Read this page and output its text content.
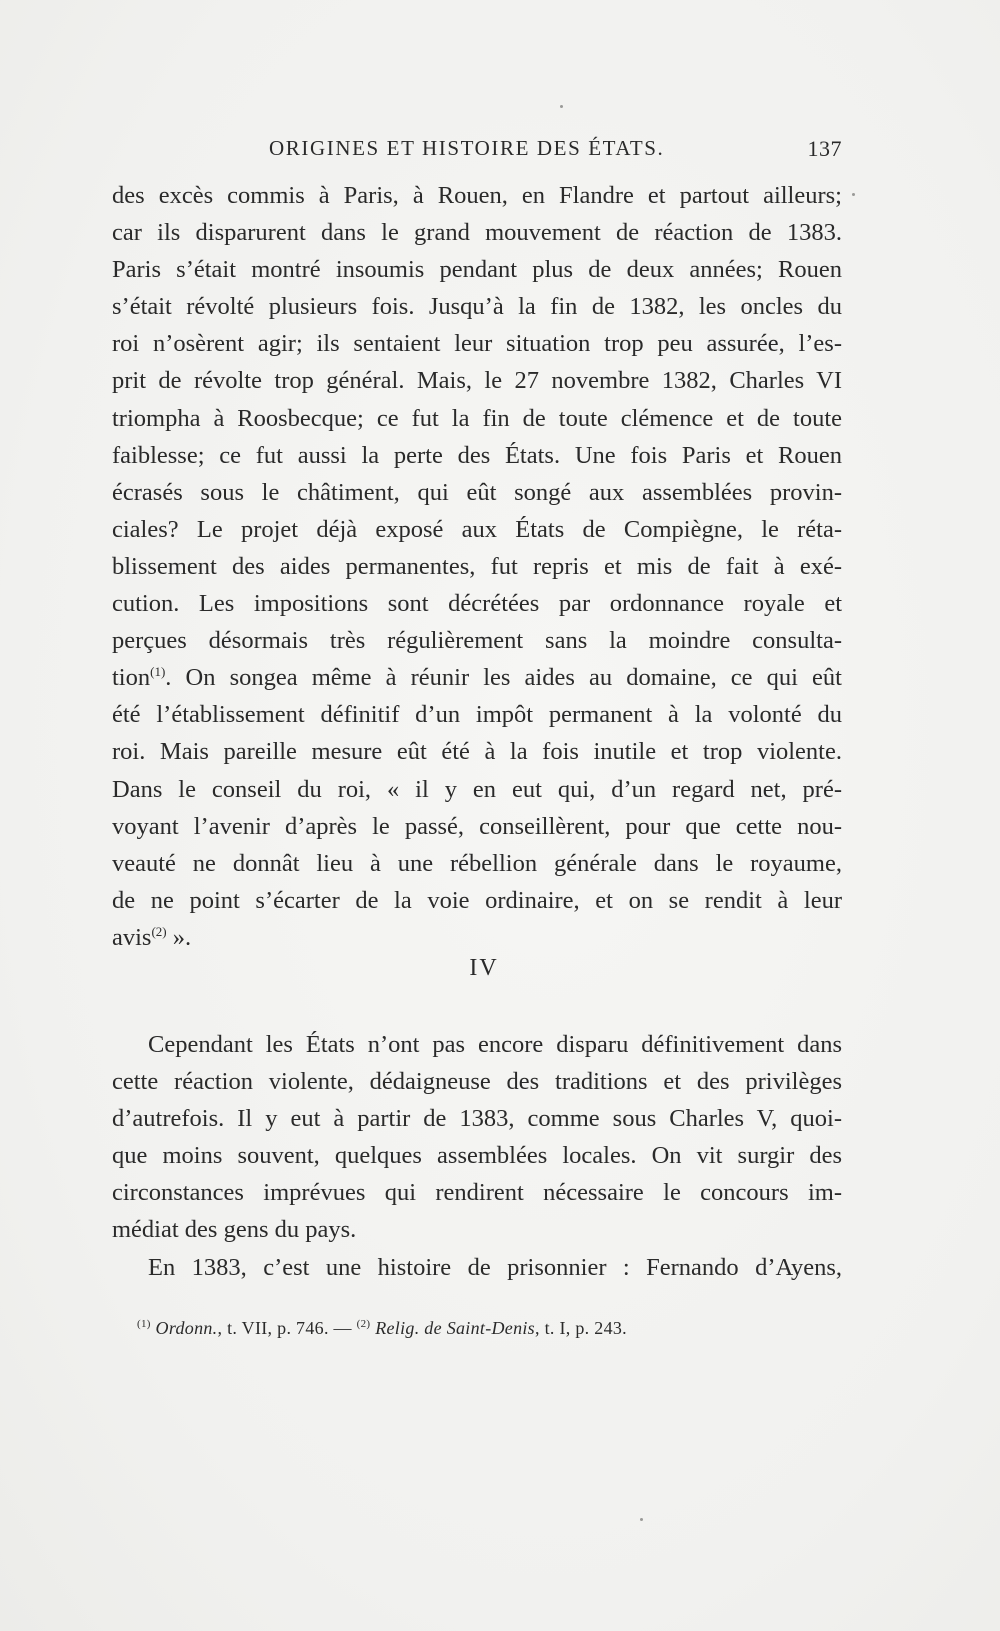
ORIGINES ET HISTOIRE DES ÉTATS.	137
des excès commis à Paris, à Rouen, en Flandre et partout ailleurs;
car ils disparurent dans le grand mouvement de réaction de 1383.
Paris s’était montré insoumis pendant plus de deux années; Rouen
s’était révolté plusieurs fois. Jusqu’à la fin de 1382, les oncles du
roi n’osèrent agir; ils sentaient leur situation trop peu assurée, l’es-
prit de révolte trop général. Mais, le 27 novembre 1382, Charles VI
triompha à Roosbecque; ce fut la fin de toute clémence et de toute
faiblesse; ce fut aussi la perte des États. Une fois Paris et Rouen
écrasés sous le châtiment, qui eût songé aux assemblées provin-
ciales? Le projet déjà exposé aux États de Compiègne, le réta-
blissement des aides permanentes, fut repris et mis de fait à exé-
cution. Les impositions sont décrétées par ordonnance royale et
perçues désormais très régulièrement sans la moindre consulta-
tion$^{(1)}$. On songea même à réunir les aides au domaine, ce qui eût
été l’établissement définitif d’un impôt permanent à la volonté du
roi. Mais pareille mesure eût été à la fois inutile et trop violente.
Dans le conseil du roi, « il y en eut qui, d’un regard net, pré-
voyant l’avenir d’après le passé, conseillèrent, pour que cette nou-
veauté ne donnât lieu à une rébellion générale dans le royaume,
de ne point s’écarter de la voie ordinaire, et on se rendit à leur
avis$^{(2)}$ ».
IV
Cependant les États n’ont pas encore disparu définitivement dans
cette réaction violente, dédaigneuse des traditions et des privilèges
d’autrefois. Il y eut à partir de 1383, comme sous Charles V, quoi-
que moins souvent, quelques assemblées locales. On vit surgir des
circonstances imprévues qui rendirent nécessaire le concours im-
médiat des gens du pays.
En 1383, c’est une histoire de prisonnier : Fernando d’Ayens,
$^{(1)}$ Ordonn., t. VII, p. 746. — $^{(2)}$ Relig. de Saint-Denis, t. I, p. 243.
